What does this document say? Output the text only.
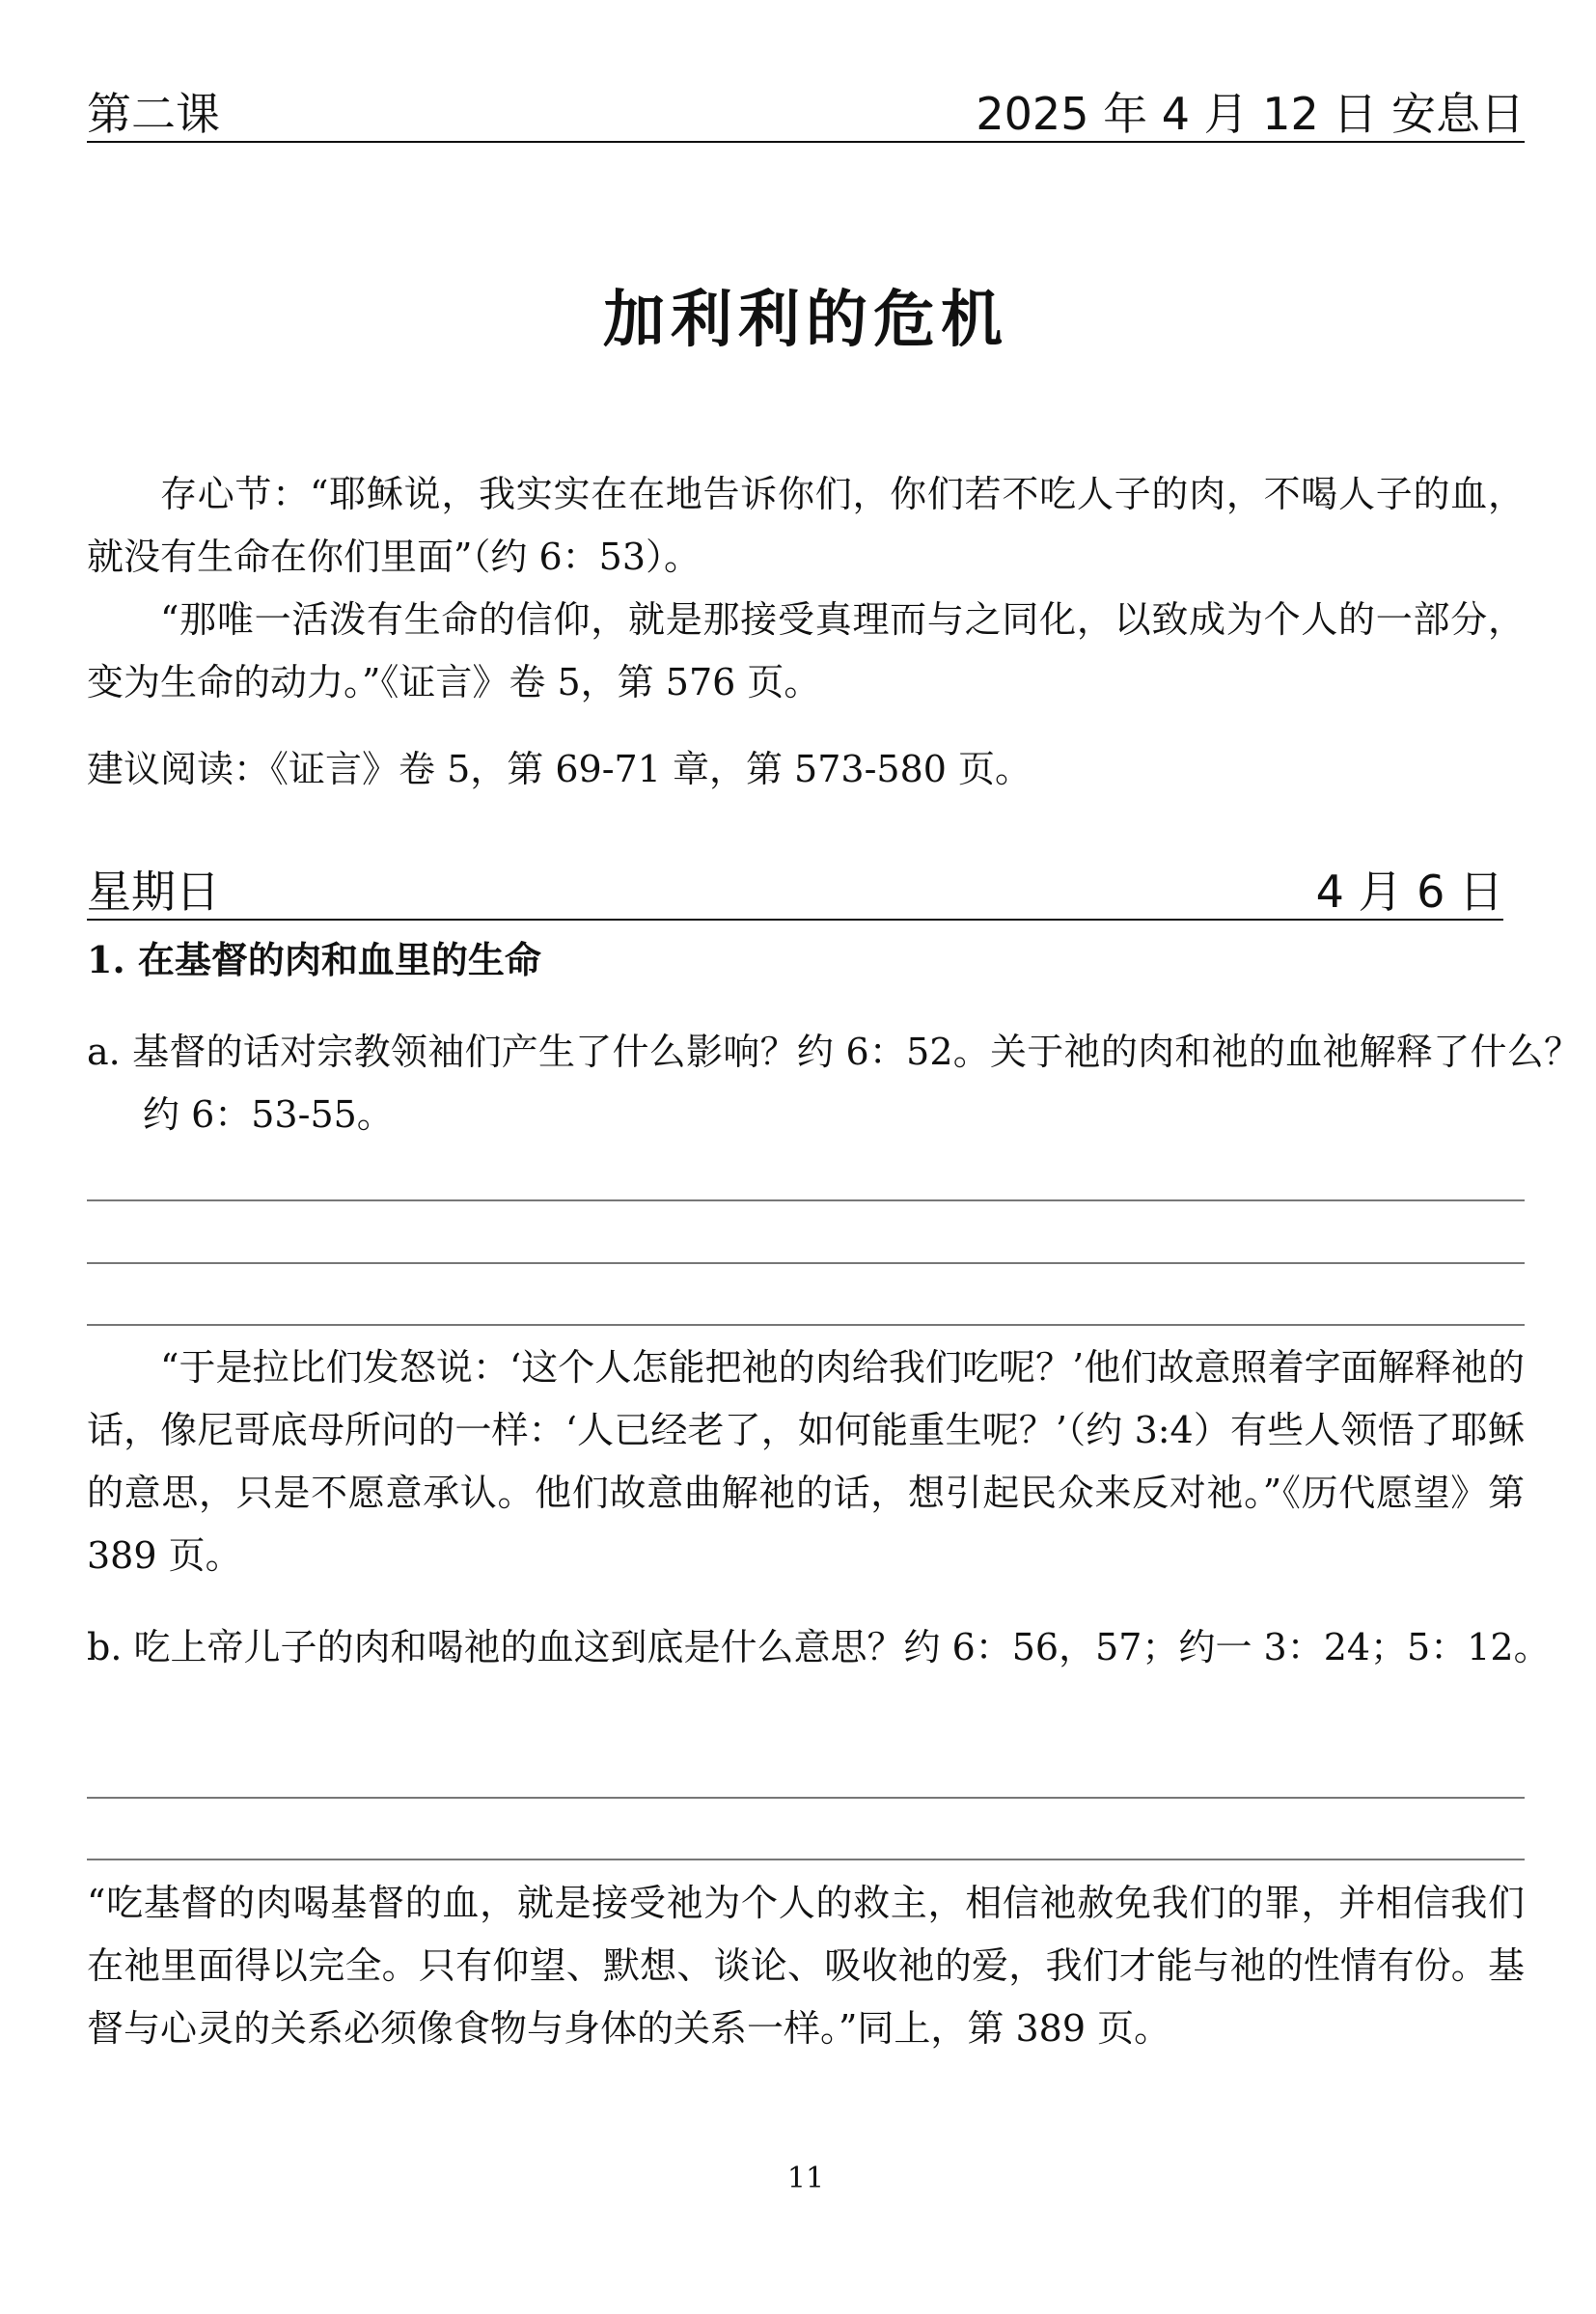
第二课	2025 年 4 月 12 日 安息日
加利利的危机

存心节：“耶稣说，我实实在在地告诉你们，你们若不吃人子的肉，不喝人子的血，就没有生命在你们里面”（约 6：53）。

“那唯一活泼有生命的信仰，就是那接受真理而与之同化，以致成为个人的一部分，变为生命的动力。”《证言》卷 5，第 576 页。

建议阅读：《证言》卷 5，第 69-71 章，第 573-580 页。

星期日	4 月 6 日
1. 在基督的肉和血里的生命

a. 基督的话对宗教领袖们产生了什么影响？约 6：52。关于祂的肉和祂的血祂解释了什么？约 6：53-55。

“于是拉比们发怒说：‘这个人怎能把祂的肉给我们吃呢？’他们故意照着字面解释祂的话，像尼哥底母所问的一样：‘人已经老了，如何能重生呢？’（约 3:4）有些人领悟了耶稣的意思，只是不愿意承认。他们故意曲解祂的话，想引起民众来反对祂。”《历代愿望》第 389 页。

b. 吃上帝儿子的肉和喝祂的血这到底是什么意思？约 6：56，57；约一 3：24；5：12。

“吃基督的肉喝基督的血，就是接受祂为个人的救主，相信祂赦免我们的罪，并相信我们在祂里面得以完全。只有仰望、默想、谈论、吸收祂的爱，我们才能与祂的性情有份。基督与心灵的关系必须像食物与身体的关系一样。”同上，第 389 页。

11
